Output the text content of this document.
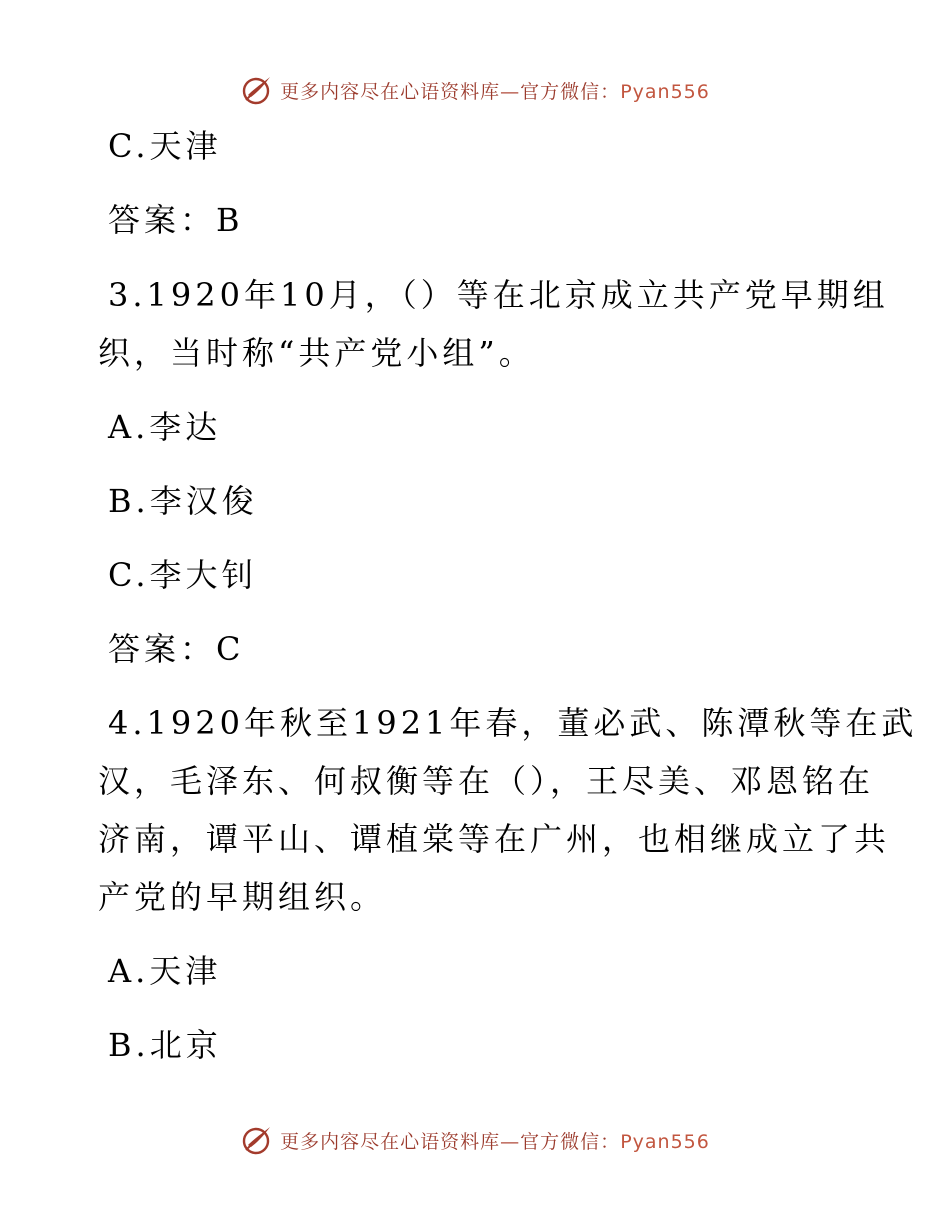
更多内容尽在心语资料库—官方微信：Pyan556
C.天津
答案：B
3.1920年10月，（）等在北京成立共产党早期组
织，当时称“共产党小组”。
A.李达
B.李汉俊
C.李大钊
答案：C
4.1920年秋至1921年春，董必武、陈潭秋等在武
汉，毛泽东、何叔衡等在（），王尽美、邓恩铭在
济南，谭平山、谭植棠等在广州，也相继成立了共
产党的早期组织。
A.天津
B.北京
更多内容尽在心语资料库—官方微信：Pyan556
